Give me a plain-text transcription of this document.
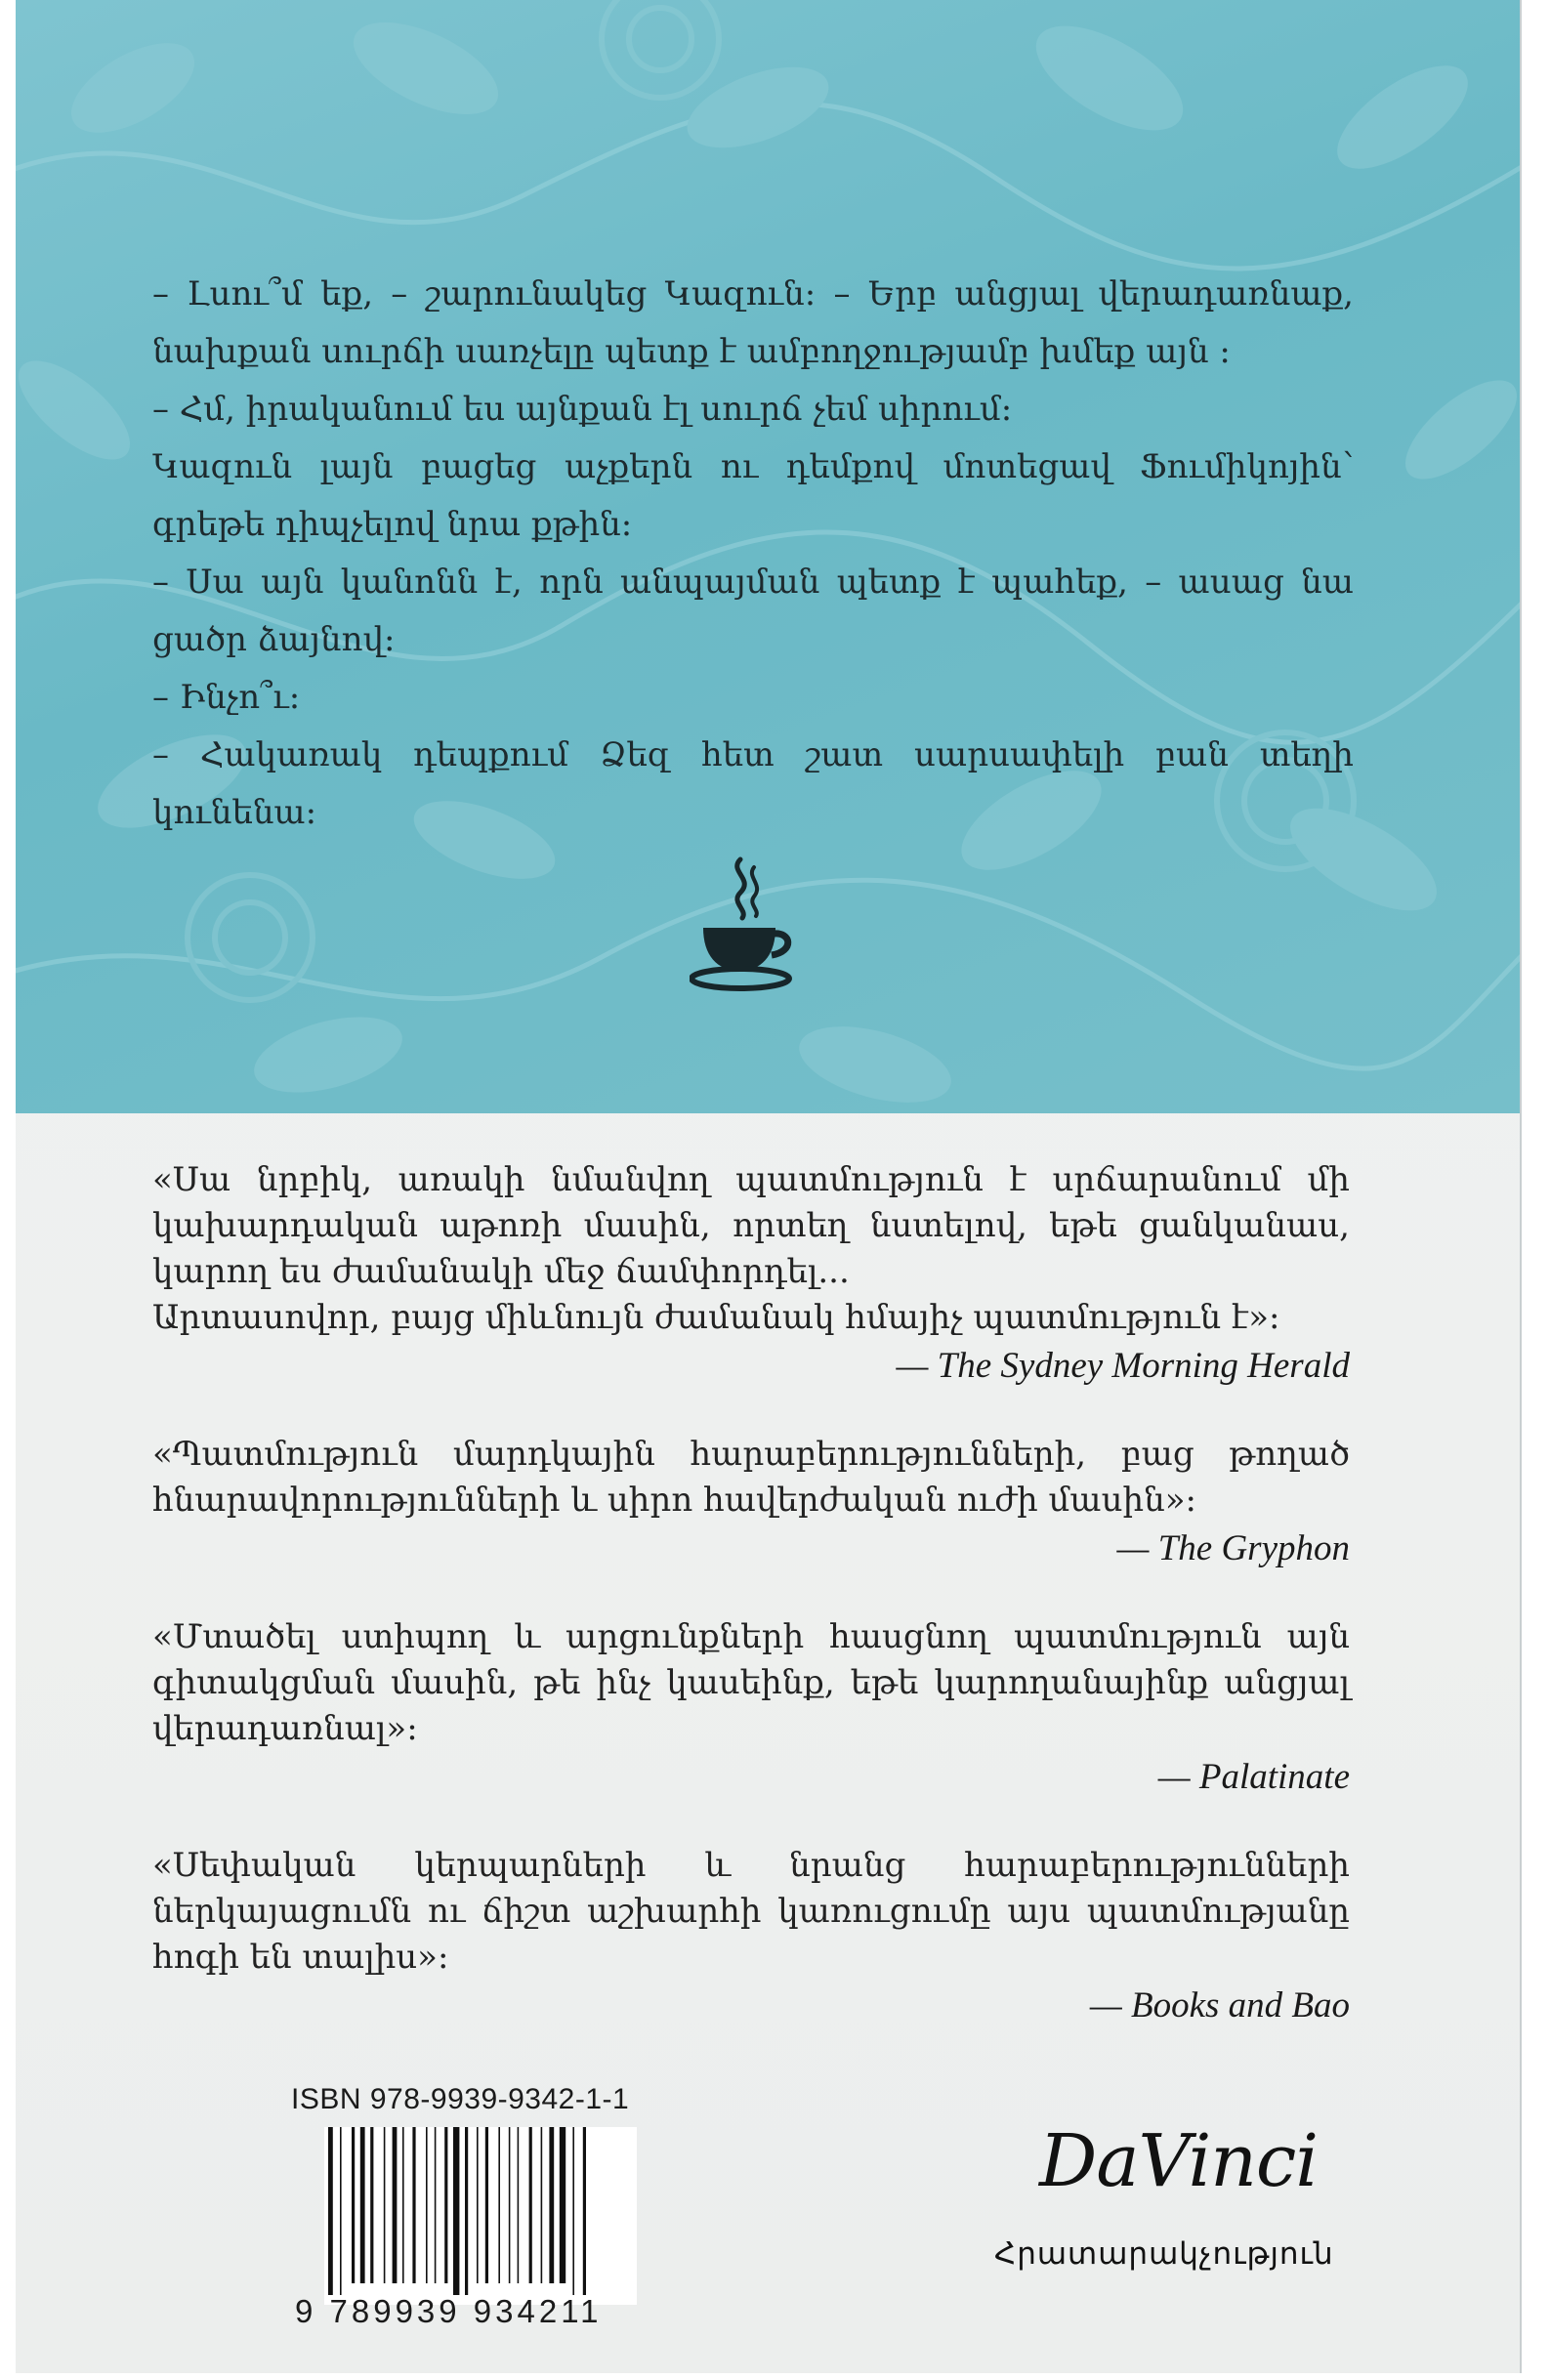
– Լսու՞մ եք, – շարունակեց Կազուն: – Երբ անցյալ վերադառնաք, նախքան սուրճի սառչելը պետք է ամբողջությամբ խմեք այն :

– Հմ, իրականում ես այնքան էլ սուրճ չեմ սիրում:

Կազուն լայն բացեց աչքերն ու դեմքով մոտեցավ Ֆումիկոյին՝ գրեթե դիպչելով նրա քթին:

– Սա այն կանոնն է, որն անպայման պետք է պահեք, – ասաց նա ցածր ձայնով:

– Ինչո՞ւ:

– Հակառակ դեպքում Ձեզ հետ շատ սարսափելի բան տեղի կունենա:

«Սա նրբիկ, առակի նմանվող պատմություն է սրճարանում մի կախարդական աթոռի մասին, որտեղ նստելով, եթե ցանկանաս, կարող ես ժամանակի մեջ ճամփորդել...

Արտասովոր, բայց միևնույն ժամանակ հմայիչ պատմություն է»:

— The Sydney Morning Herald

«Պատմություն մարդկային հարաբերությունների, բաց թողած հնարավորությունների և սիրո հավերժական ուժի մասին»:

— The Gryphon

«Մտածել ստիպող և արցունքների հասցնող պատմություն այն գիտակցման մասին, թե ինչ կասեինք, եթե կարողանայինք անցյալ վերադառնալ»:

— Palatinate

«Սեփական կերպարների և նրանց հարաբերությունների ներկայացումն ու ճիշտ աշխարհի կառուցումը այս պատմությանը հոգի են տալիս»:

— Books and Bao
ISBN 978-9939-9342-1-1
9 789939 934211
DaVinci
Հրատարակչություն
